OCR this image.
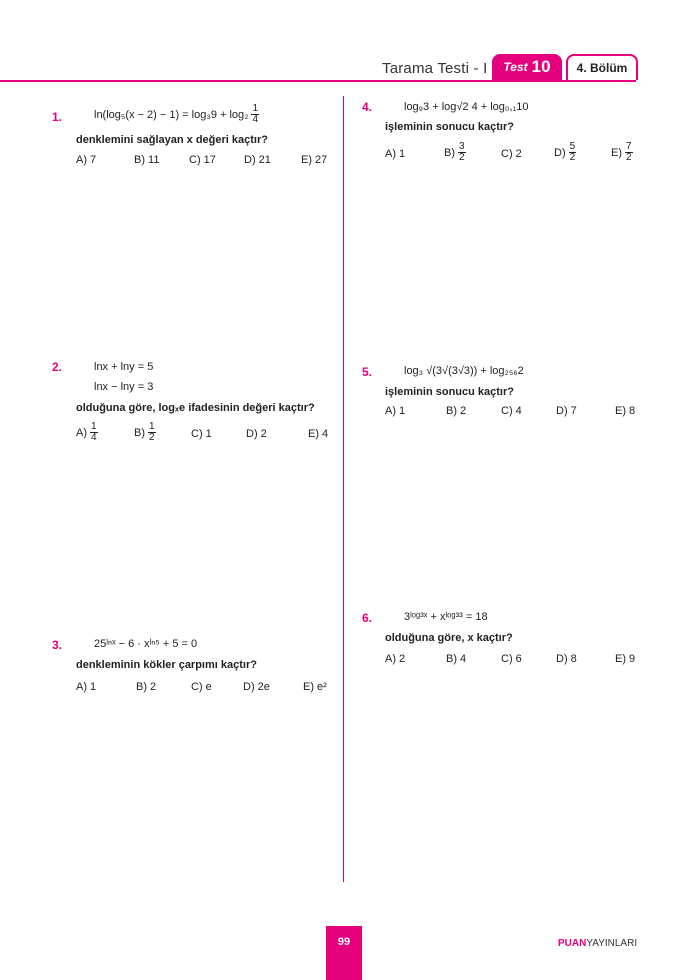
Tarama Testi - I Test 10	4. Bölüm
1.	$\ln(\log_5(x - 2) - 1) = \log_39 + \log_2 \frac{1}{4}$
denklemini sağlayan x değeri kaçtır?
A) 7	B) 11	C) 17	D) 21	E) 27
2.	lnx + lny = 5
lnx − lny = 3
olduğuna göre, logₓe ifadesinin değeri kaçtır?
$A) \frac{1}{4}$	$B) \frac{1}{2}$	C) 1	D) 2	E) 4
3.	25ˡⁿˣ − 6 · xˡⁿ⁵ + 5 = 0
denkleminin kökler çarpımı kaçtır?
A) 1	B) 2	C) e	D) 2e	E) e²
4.	log₉3 + log√2 4 + log₀,₁10
işleminin sonucu kaçtır?
A) 1	$B) \frac{3}{2}$	C) 2	$D) \frac{5}{2}$	$E) \frac{7}{2}$
5.	log₃ √(3√(3√3)) + log₂₅₆2
işleminin sonucu kaçtır?
A) 1	B) 2	C) 4	D) 7	E) 8
6.	3ˡᵒᵍ³ˣ + xˡᵒᵍ³³ = 18
olduğuna göre, x kaçtır?
A) 2	B) 4	C) 6	D) 8	E) 9
99	PUANYAYINLARI
